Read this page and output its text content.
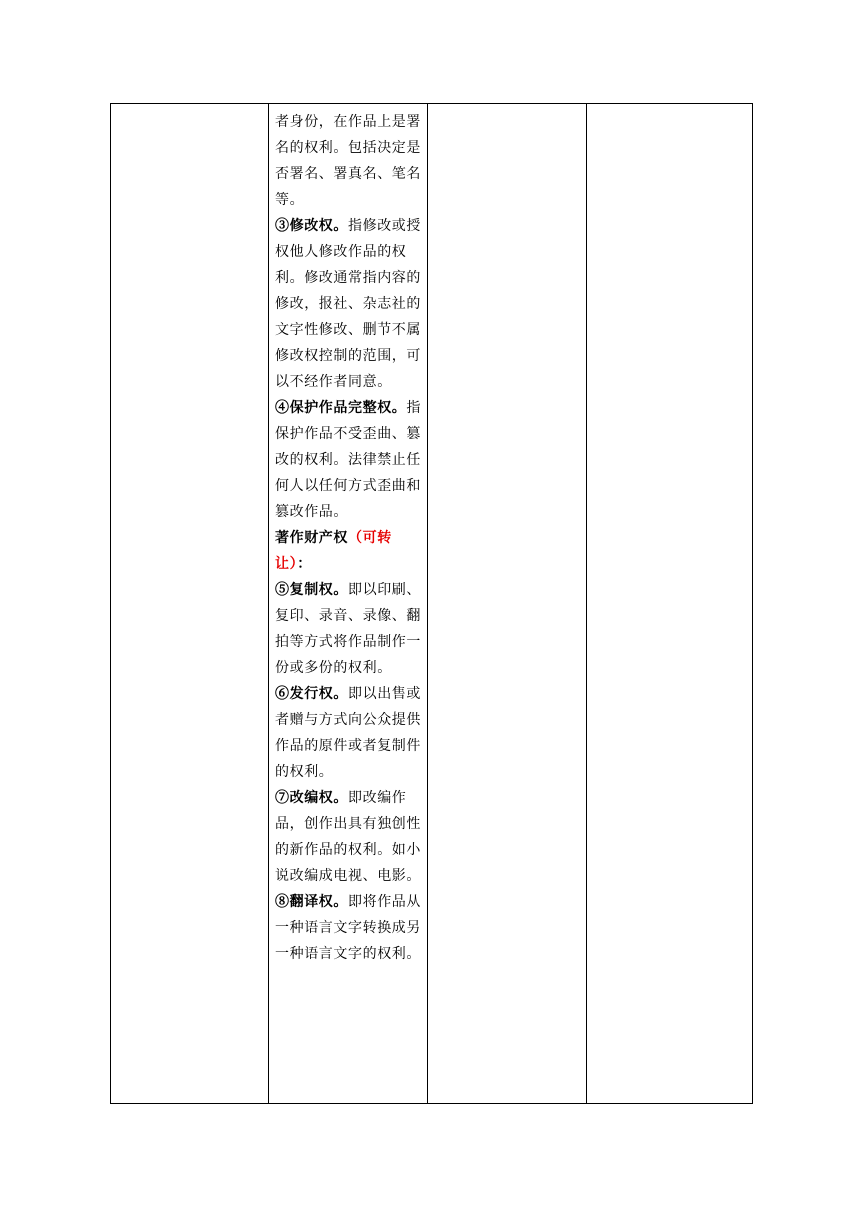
者身份，在作品上是署名的权利。包括决定是否署名、署真名、笔名等。

③修改权。指修改或授权他人修改作品的权利。修改通常指内容的修改，报社、杂志社的文字性修改、删节不属修改权控制的范围，可以不经作者同意。

④保护作品完整权。指保护作品不受歪曲、篡改的权利。法律禁止任何人以任何方式歪曲和篡改作品。

著作财产权（可转让）：

⑤复制权。即以印刷、复印、录音、录像、翻拍等方式将作品制作一份或多份的权利。

⑥发行权。即以出售或者赠与方式向公众提供作品的原件或者复制件的权利。

⑦改编权。即改编作品，创作出具有独创性的新作品的权利。如小说改编成电视、电影。

⑧翻译权。即将作品从一种语言文字转换成另一种语言文字的权利。
